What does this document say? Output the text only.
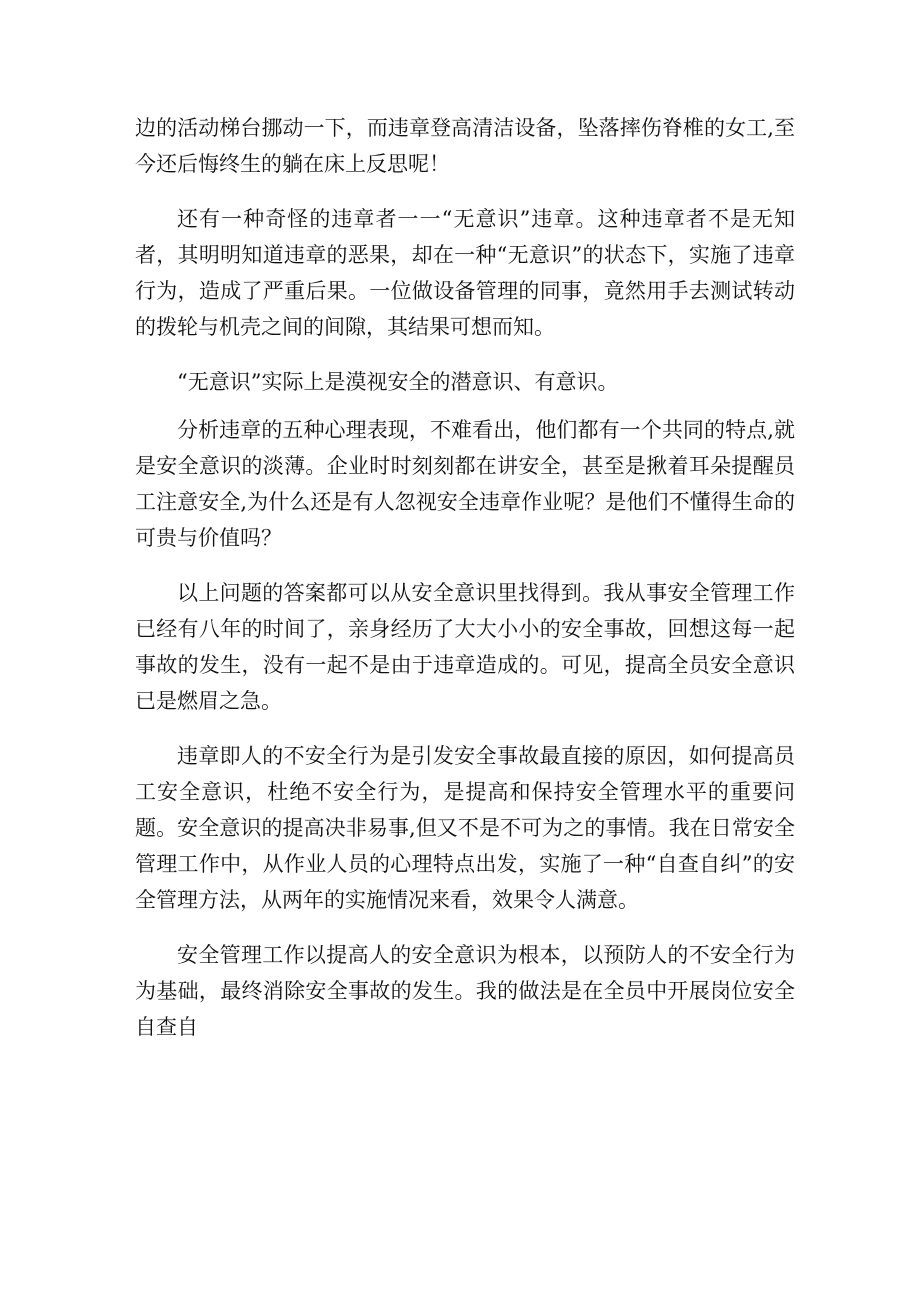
边的活动梯台挪动一下，而违章登高清洁设备，坠落摔伤脊椎的女工,至今还后悔终生的躺在床上反思呢！

还有一种奇怪的违章者一一“无意识”违章。这种违章者不是无知者，其明明知道违章的恶果，却在一种“无意识”的状态下，实施了违章行为，造成了严重后果。一位做设备管理的同事，竟然用手去测试转动的拨轮与机壳之间的间隙，其结果可想而知。

“无意识”实际上是漠视安全的潜意识、有意识。

分析违章的五种心理表现，不难看出，他们都有一个共同的特点,就是安全意识的淡薄。企业时时刻刻都在讲安全，甚至是揪着耳朵提醒员工注意安全,为什么还是有人忽视安全违章作业呢？是他们不懂得生命的可贵与价值吗？

以上问题的答案都可以从安全意识里找得到。我从事安全管理工作已经有八年的时间了，亲身经历了大大小小的安全事故，回想这每一起事故的发生，没有一起不是由于违章造成的。可见，提高全员安全意识已是燃眉之急。

违章即人的不安全行为是引发安全事故最直接的原因，如何提高员工安全意识，杜绝不安全行为，是提高和保持安全管理水平的重要问题。安全意识的提高决非易事,但又不是不可为之的事情。我在日常安全管理工作中，从作业人员的心理特点出发，实施了一种“自查自纠”的安全管理方法，从两年的实施情况来看，效果令人满意。

安全管理工作以提高人的安全意识为根本，以预防人的不安全行为为基础，最终消除安全事故的发生。我的做法是在全员中开展岗位安全自查自
